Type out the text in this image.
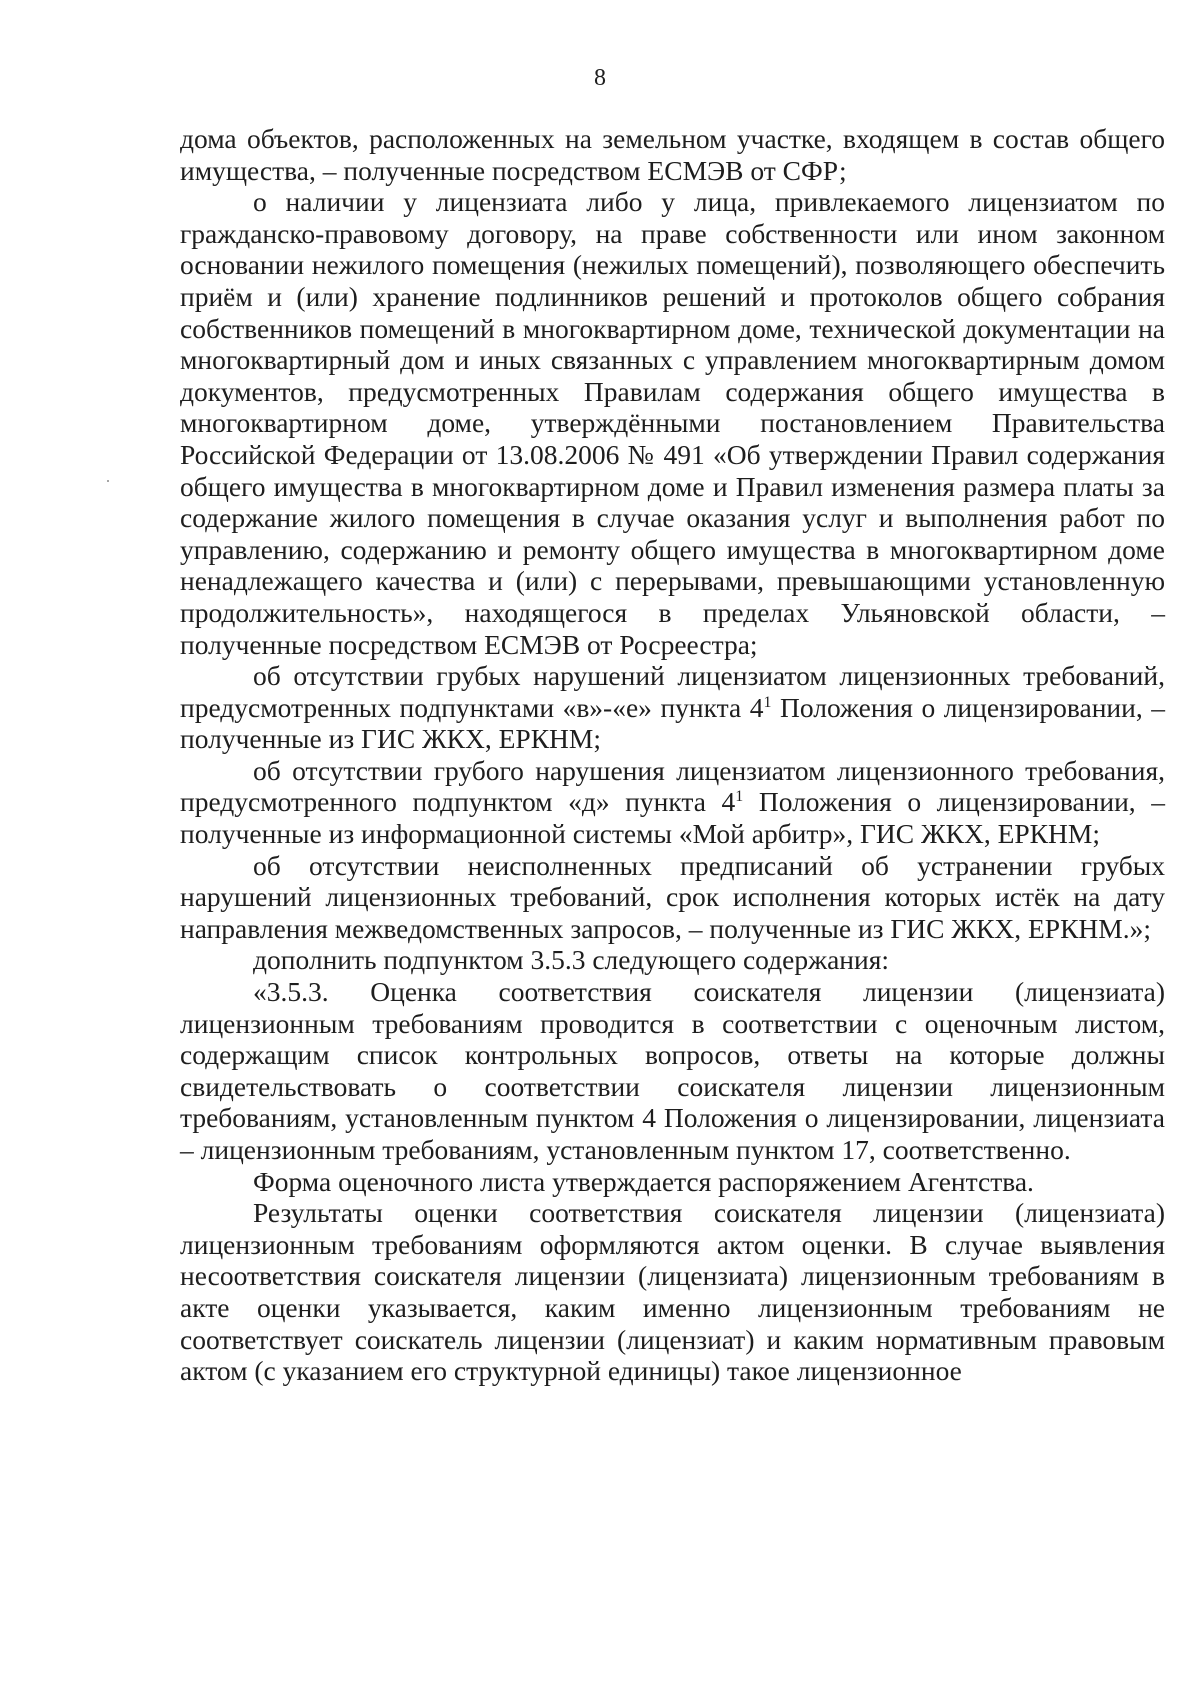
8

дома объектов, расположенных на земельном участке, входящем в состав общего имущества, – полученные посредством ЕСМЭВ от СФР;

о наличии у лицензиата либо у лица, привлекаемого лицензиатом по гражданско-правовому договору, на праве собственности или ином законном основании нежилого помещения (нежилых помещений), позволяющего обеспечить приём и (или) хранение подлинников решений и протоколов общего собрания собственников помещений в многоквартирном доме, технической документации на многоквартирный дом и иных связанных с управлением многоквартирным домом документов, предусмотренных Правилам содержания общего имущества в многоквартирном доме, утверждёнными постановлением Правительства Российской Федерации от 13.08.2006 № 491 «Об утверждении Правил содержания общего имущества в многоквартирном доме и Правил изменения размера платы за содержание жилого помещения в случае оказания услуг и выполнения работ по управлению, содержанию и ремонту общего имущества в многоквартирном доме ненадлежащего качества и (или) с перерывами, превышающими установленную продолжительность», находящегося в пределах Ульяновской области, – полученные посредством ЕСМЭВ от Росреестра;

об отсутствии грубых нарушений лицензиатом лицензионных требований, предусмотренных подпунктами «в»-«е» пункта $4^1$ Положения о лицензировании, – полученные из ГИС ЖКХ, ЕРКНМ;

об отсутствии грубого нарушения лицензиатом лицензионного требования, предусмотренного подпунктом «д» пункта $4^1$ Положения о лицензировании, – полученные из информационной системы «Мой арбитр», ГИС ЖКХ, ЕРКНМ;

об отсутствии неисполненных предписаний об устранении грубых нарушений лицензионных требований, срок исполнения которых истёк на дату направления межведомственных запросов, – полученные из ГИС ЖКХ, ЕРКНМ.»;

дополнить подпунктом 3.5.3 следующего содержания:

«3.5.3. Оценка соответствия соискателя лицензии (лицензиата) лицензионным требованиям проводится в соответствии с оценочным листом, содержащим список контрольных вопросов, ответы на которые должны свидетельствовать о соответствии соискателя лицензии лицензионным требованиям, установленным пунктом 4 Положения о лицензировании, лицензиата – лицензионным требованиям, установленным пунктом 17, соответственно.

Форма оценочного листа утверждается распоряжением Агентства.

Результаты оценки соответствия соискателя лицензии (лицензиата) лицензионным требованиям оформляются актом оценки. В случае выявления несоответствия соискателя лицензии (лицензиата) лицензионным требованиям в акте оценки указывается, каким именно лицензионным требованиям не соответствует соискатель лицензии (лицензиат) и каким нормативным правовым актом (с указанием его структурной единицы) такое лицензионное
